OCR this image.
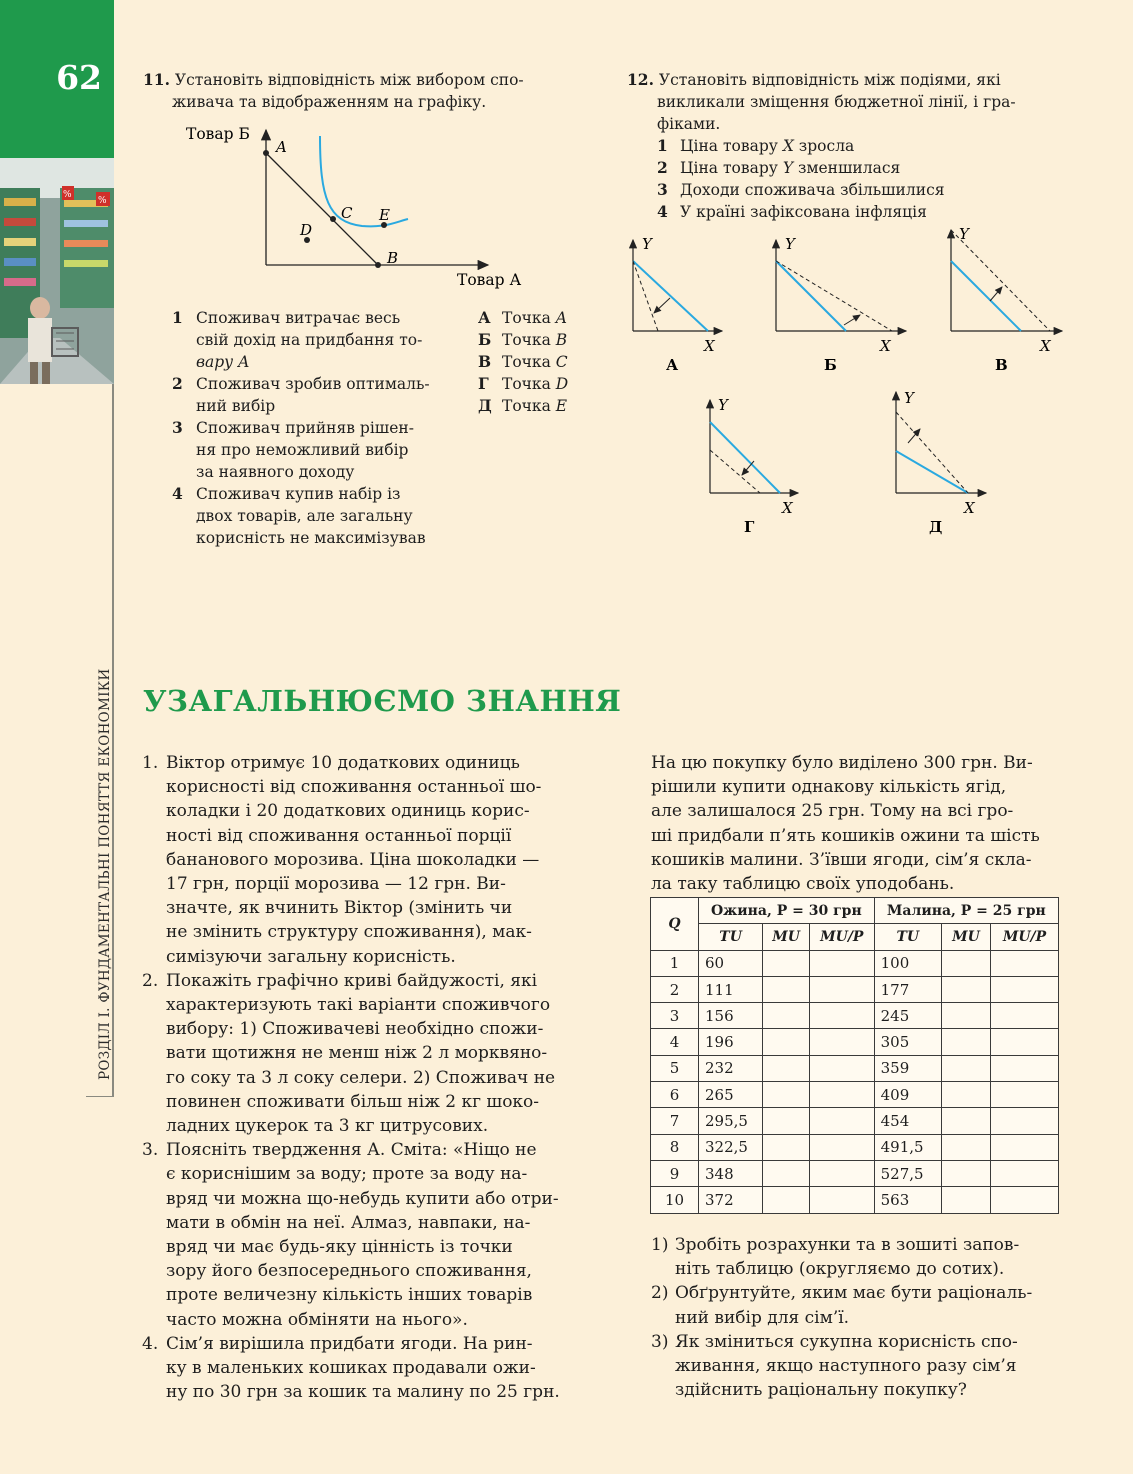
62
%
%
РОЗДІЛ І. ФУНДАМЕНТАЛЬНІ ПОНЯТТЯ ЕКОНОМІКИ
11. Установіть відповідність між вибором спо-
живача та відображенням на графіку.
Товар Б
Товар А
A
B
C
D
E
1 Споживач витрачає весь
свій дохід на придбання то-
вару A
2 Споживач зробив оптималь-
ний вибір
3 Споживач прийняв рішен-
ня про неможливий вибір
за наявного доходу
4 Споживач купив набір із
двох товарів, але загальну
корисність не максимізував
А Точка A
Б Точка B
В Точка C
Г Точка D
Д Точка E
12. Установіть відповідність між подіями, які
викликали зміщення бюджетної лінії, і гра-
фіками.
1 Ціна товару X зросла
2 Ціна товару Y зменшилася
3 Доходи споживача збільшилися
4 У країні зафіксована інфляція
Y
X
А
Y
X
Б
Y
X
В
Y
X
Г
Y
X
Д
УЗАГАЛЬНЮЄМО ЗНАННЯ
1. Віктор отримує 10 додаткових одиниць
корисності від споживання останньої шо-
коладки і 20 додаткових одиниць корис-
ності від споживання останньої порції
бананового морозива. Ціна шоколадки —
17 грн, порції морозива — 12 грн. Ви-
значте, як вчинить Віктор (змінить чи
не змінить структуру споживання), мак-
симізуючи загальну корисність.
2. Покажіть графічно криві байдужості, які
характеризують такі варіанти споживчого
вибору: 1) Споживачеві необхідно спожи-
вати щотижня не менш ніж 2 л морквяно-
го соку та 3 л соку селери. 2) Споживач не
повинен споживати більш ніж 2 кг шоко-
ладних цукерок та 3 кг цитрусових.
3. Поясніть твердження А. Сміта: «Ніщо не
є кориснішим за воду; проте за воду на-
вряд чи можна що-небудь купити або отри-
мати в обмін на неї. Алмаз, навпаки, на-
вряд чи має будь-яку цінність із точки
зору його безпосереднього споживання,
проте величезну кількість інших товарів
часто можна обміняти на нього».
4. Сім’я вирішила придбати ягоди. На рин-
ку в маленьких кошиках продавали ожи-
ну по 30 грн за кошик та малину по 25 грн.
На цю покупку було виділено 300 грн. Ви-
рішили купити однакову кількість ягід,
але залишалося 25 грн. Тому на всі гро-
ші придбали п’ять кошиків ожини та шість
кошиків малини. З’ївши ягоди, сім’я скла-
ла таку таблицю своїх уподобань.
Q	Ожина, P = 30 грн			Малина, P = 25 грн		
	TU	MU	MU/P	TU	MU	MU/P
1	60			100		
2	111			177		
3	156			245		
4	196			305		
5	232			359		
6	265			409		
7	295,5			454		
8	322,5			491,5		
9	348			527,5		
10	372			563		
1) Зробіть розрахунки та в зошиті запов-
ніть таблицю (округляємо до сотих).
2) Обґрунтуйте, яким має бути раціональ-
ний вибір для сім’ї.
3) Як зміниться сукупна корисність спо-
живання, якщо наступного разу сім’я
здійснить раціональну покупку?
